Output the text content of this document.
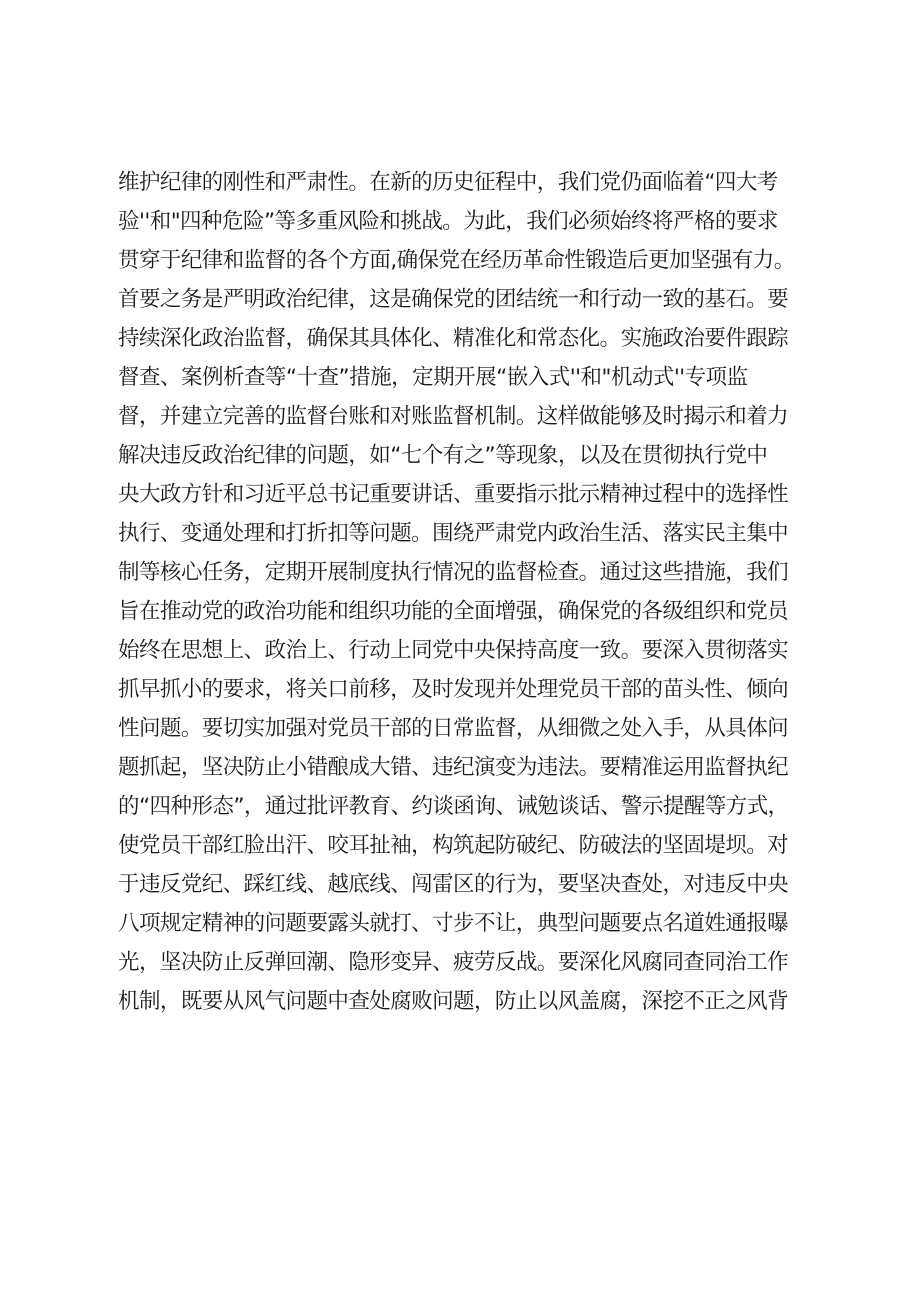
维护纪律的刚性和严肃性。在新的历史征程中，我们党仍面临着“四大考
验''和"四种危险”等多重风险和挑战。为此，我们必须始终将严格的要求
贯穿于纪律和监督的各个方面,确保党在经历革命性锻造后更加坚强有力。
首要之务是严明政治纪律，这是确保党的团结统一和行动一致的基石。要
持续深化政治监督，确保其具体化、精准化和常态化。实施政治要件跟踪
督查、案例析查等“十查”措施，定期开展“嵌入式''和"机动式''专项监
督，并建立完善的监督台账和对账监督机制。这样做能够及时揭示和着力
解决违反政治纪律的问题，如“七个有之”等现象，以及在贯彻执行党中
央大政方针和习近平总书记重要讲话、重要指示批示精神过程中的选择性
执行、变通处理和打折扣等问题。围绕严肃党内政治生活、落实民主集中
制等核心任务，定期开展制度执行情况的监督检查。通过这些措施，我们
旨在推动党的政治功能和组织功能的全面增强，确保党的各级组织和党员
始终在思想上、政治上、行动上同党中央保持高度一致。要深入贯彻落实
抓早抓小的要求，将关口前移，及时发现并处理党员干部的苗头性、倾向
性问题。要切实加强对党员干部的日常监督，从细微之处入手，从具体问
题抓起，坚决防止小错酿成大错、违纪演变为违法。要精准运用监督执纪
的“四种形态”，通过批评教育、约谈函询、诫勉谈话、警示提醒等方式，
使党员干部红脸出汗、咬耳扯袖，构筑起防破纪、防破法的坚固堤坝。对
于违反党纪、踩红线、越底线、闯雷区的行为，要坚决查处，对违反中央
八项规定精神的问题要露头就打、寸步不让，典型问题要点名道姓通报曝
光，坚决防止反弹回潮、隐形变异、疲劳反战。要深化风腐同查同治工作
机制，既要从风气问题中查处腐败问题，防止以风盖腐，深挖不正之风背
